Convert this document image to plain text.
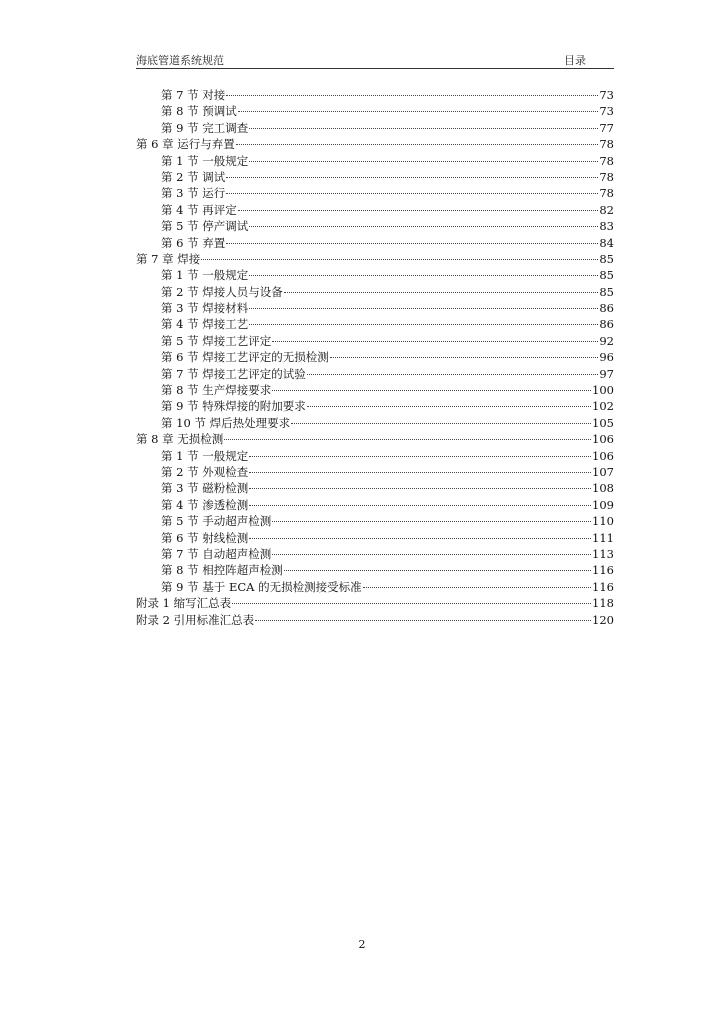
海底管道系统规范	目录
第 7 节 对接	73
第 8 节 预调试	73
第 9 节 完工调查	77
第 6 章 运行与弃置	78
第 1 节 一般规定	78
第 2 节 调试	78
第 3 节 运行	78
第 4 节 再评定	82
第 5 节 停产调试	83
第 6 节 弃置	84
第 7 章 焊接	85
第 1 节 一般规定	85
第 2 节 焊接人员与设备	85
第 3 节 焊接材料	86
第 4 节 焊接工艺	86
第 5 节 焊接工艺评定	92
第 6 节 焊接工艺评定的无损检测	96
第 7 节 焊接工艺评定的试验	97
第 8 节 生产焊接要求	100
第 9 节 特殊焊接的附加要求	102
第 10 节 焊后热处理要求	105
第 8 章 无损检测	106
第 1 节 一般规定	106
第 2 节 外观检查	107
第 3 节 磁粉检测	108
第 4 节 渗透检测	109
第 5 节 手动超声检测	110
第 6 节 射线检测	111
第 7 节 自动超声检测	113
第 8 节 相控阵超声检测	116
第 9 节 基于 ECA 的无损检测接受标准	116
附录 1 缩写汇总表	118
附录 2 引用标准汇总表	120
2
